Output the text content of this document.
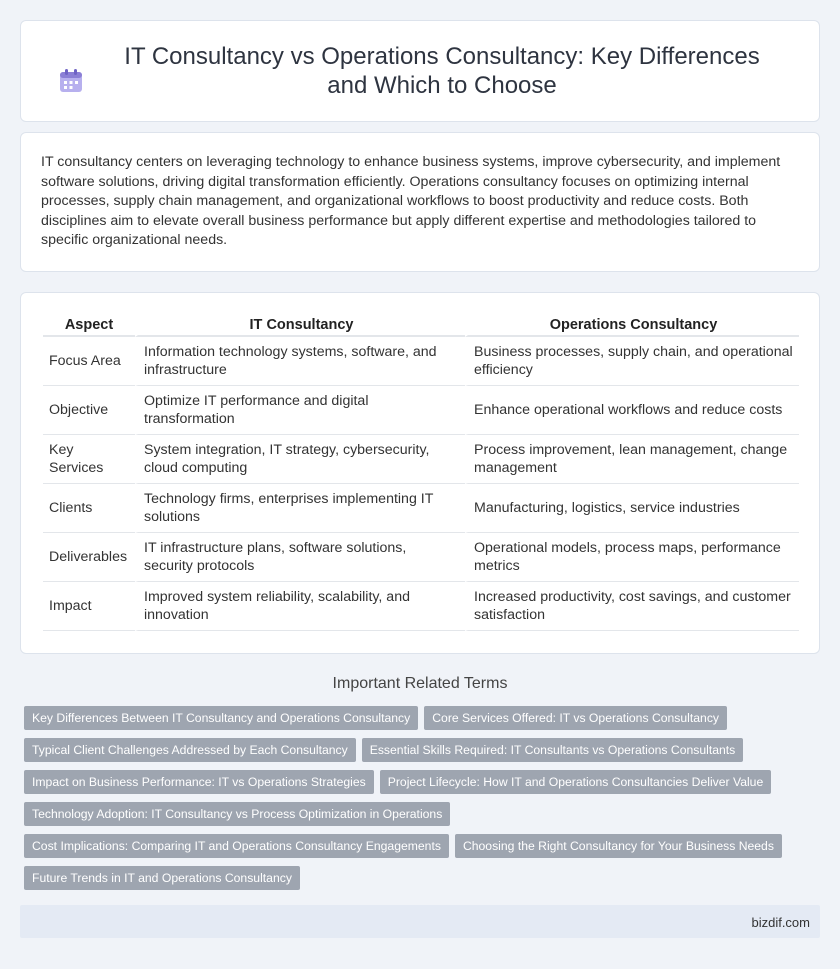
IT Consultancy vs Operations Consultancy: Key Differences and Which to Choose

IT consultancy centers on leveraging technology to enhance business systems, improve cybersecurity, and implement software solutions, driving digital transformation efficiently. Operations consultancy focuses on optimizing internal processes, supply chain management, and organizational workflows to boost productivity and reduce costs. Both disciplines aim to elevate overall business performance but apply different expertise and methodologies tailored to specific organizational needs.

Aspect	IT Consultancy	Operations Consultancy
Focus Area	Information technology systems, software, and infrastructure	Business processes, supply chain, and operational efficiency
Objective	Optimize IT performance and digital transformation	Enhance operational workflows and reduce costs
Key Services	System integration, IT strategy, cybersecurity, cloud computing	Process improvement, lean management, change management
Clients	Technology firms, enterprises implementing IT solutions	Manufacturing, logistics, service industries
Deliverables	IT infrastructure plans, software solutions, security protocols	Operational models, process maps, performance metrics
Impact	Improved system reliability, scalability, and innovation	Increased productivity, cost savings, and customer satisfaction
Important Related Terms
Key Differences Between IT Consultancy and Operations Consultancy Core Services Offered: IT vs Operations Consultancy
Typical Client Challenges Addressed by Each Consultancy Essential Skills Required: IT Consultants vs Operations Consultants
Impact on Business Performance: IT vs Operations Strategies Project Lifecycle: How IT and Operations Consultancies Deliver Value
Technology Adoption: IT Consultancy vs Process Optimization in Operations
Cost Implications: Comparing IT and Operations Consultancy Engagements Choosing the Right Consultancy for Your Business Needs
Future Trends in IT and Operations Consultancy
bizdif.com
